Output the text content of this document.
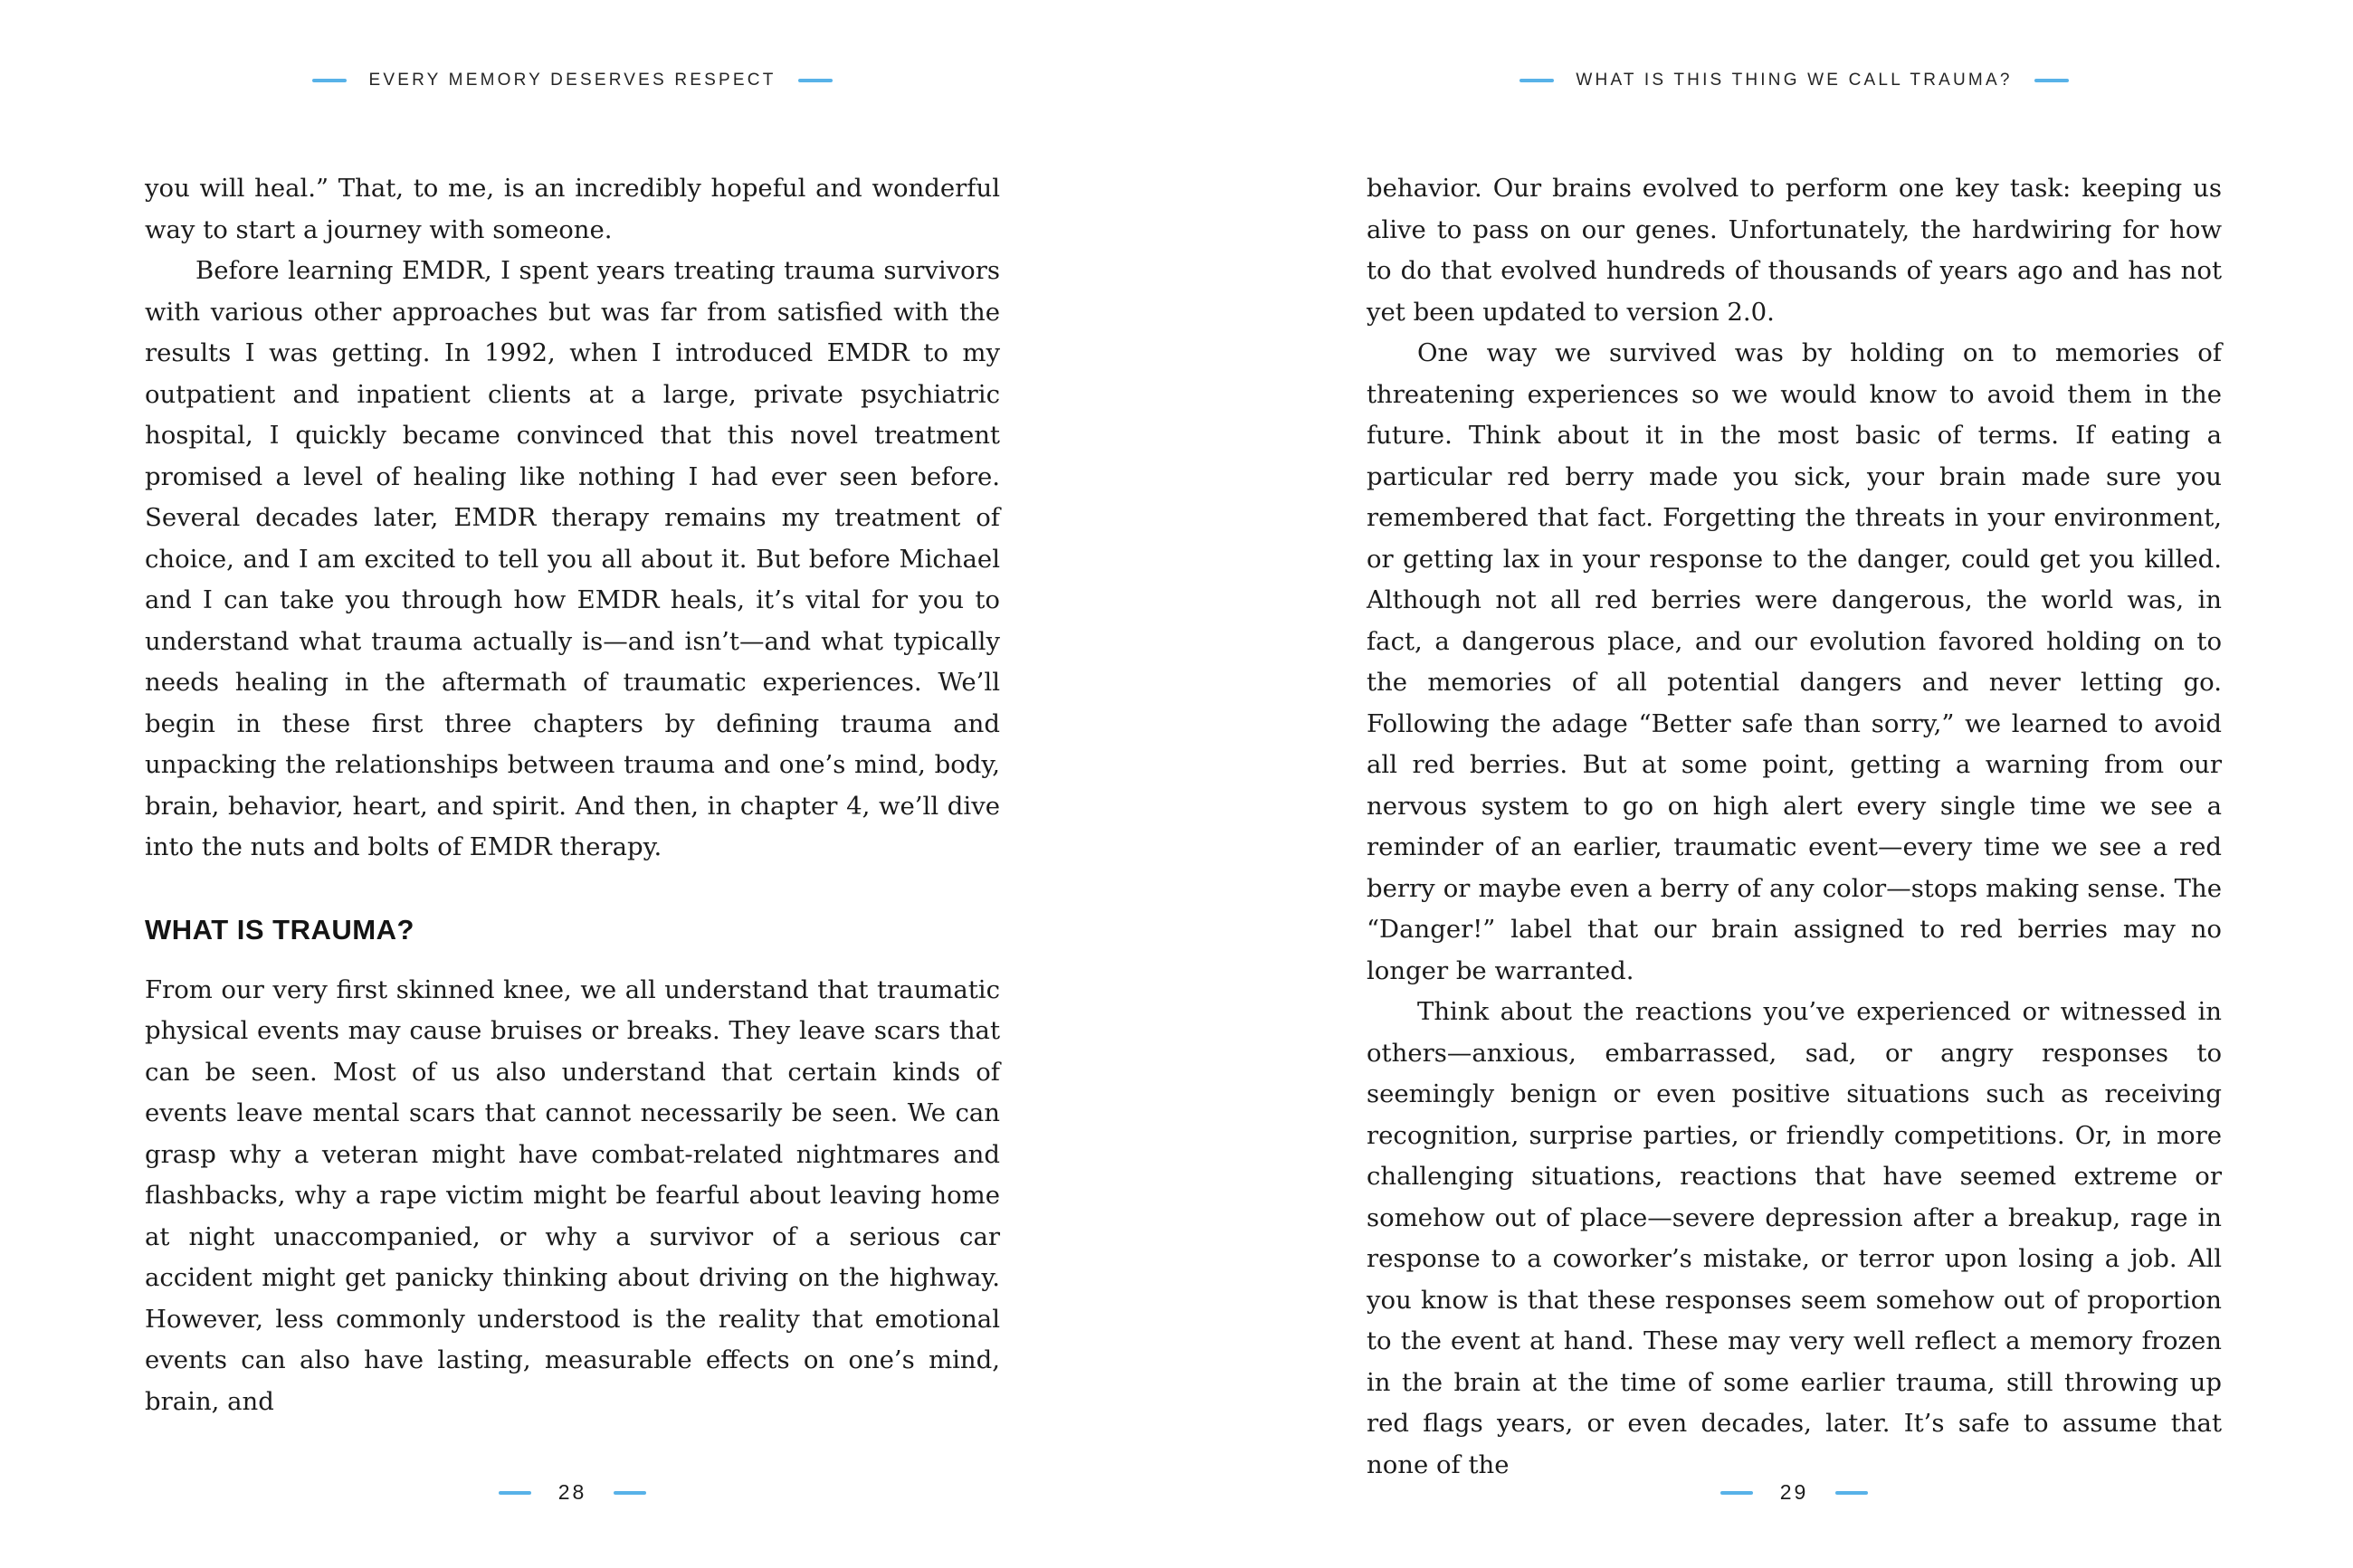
EVERY MEMORY DESERVES RESPECT

you will heal.” That, to me, is an incredibly hopeful and wonderful way to start a journey with someone.

Before learning EMDR, I spent years treating trauma survivors with various other approaches but was far from satisfied with the results I was getting. In 1992, when I introduced EMDR to my outpatient and inpatient clients at a large, private psychiatric hospital, I quickly became convinced that this novel treatment promised a level of healing like nothing I had ever seen before. Several decades later, EMDR therapy remains my treatment of choice, and I am excited to tell you all about it. But before Michael and I can take you through how EMDR heals, it’s vital for you to understand what trauma actually is—and isn’t—and what typically needs healing in the aftermath of traumatic experiences. We’ll begin in these first three chapters by defining trauma and unpacking the relationships between trauma and one’s mind, body, brain, behavior, heart, and spirit. And then, in chapter 4, we’ll dive into the nuts and bolts of EMDR therapy.

WHAT IS TRAUMA?

From our very first skinned knee, we all understand that traumatic physical events may cause bruises or breaks. They leave scars that can be seen. Most of us also understand that certain kinds of events leave mental scars that cannot necessarily be seen. We can grasp why a veteran might have combat-related nightmares and flashbacks, why a rape victim might be fearful about leaving home at night unaccompanied, or why a survivor of a serious car accident might get panicky thinking about driving on the highway. However, less commonly understood is the reality that emotional events can also have lasting, measurable effects on one’s mind, brain, and

28
WHAT IS THIS THING WE CALL TRAUMA?

behavior. Our brains evolved to perform one key task: keeping us alive to pass on our genes. Unfortunately, the hardwiring for how to do that evolved hundreds of thousands of years ago and has not yet been updated to version 2.0.

One way we survived was by holding on to memories of threatening experiences so we would know to avoid them in the future. Think about it in the most basic of terms. If eating a particular red berry made you sick, your brain made sure you remembered that fact. Forgetting the threats in your environment, or getting lax in your response to the danger, could get you killed. Although not all red berries were dangerous, the world was, in fact, a dangerous place, and our evolution favored holding on to the memories of all potential dangers and never letting go. Following the adage “Better safe than sorry,” we learned to avoid all red berries. But at some point, getting a warning from our nervous system to go on high alert every single time we see a reminder of an earlier, traumatic event—every time we see a red berry or maybe even a berry of any color—stops making sense. The “Danger!” label that our brain assigned to red berries may no longer be warranted.

Think about the reactions you’ve experienced or witnessed in others—anxious, embarrassed, sad, or angry responses to seemingly benign or even positive situations such as receiving recognition, surprise parties, or friendly competitions. Or, in more challenging situations, reactions that have seemed extreme or somehow out of place—severe depression after a breakup, rage in response to a coworker’s mistake, or terror upon losing a job. All you know is that these responses seem somehow out of proportion to the event at hand. These may very well reflect a memory frozen in the brain at the time of some earlier trauma, still throwing up red flags years, or even decades, later. It’s safe to assume that none of the

29
